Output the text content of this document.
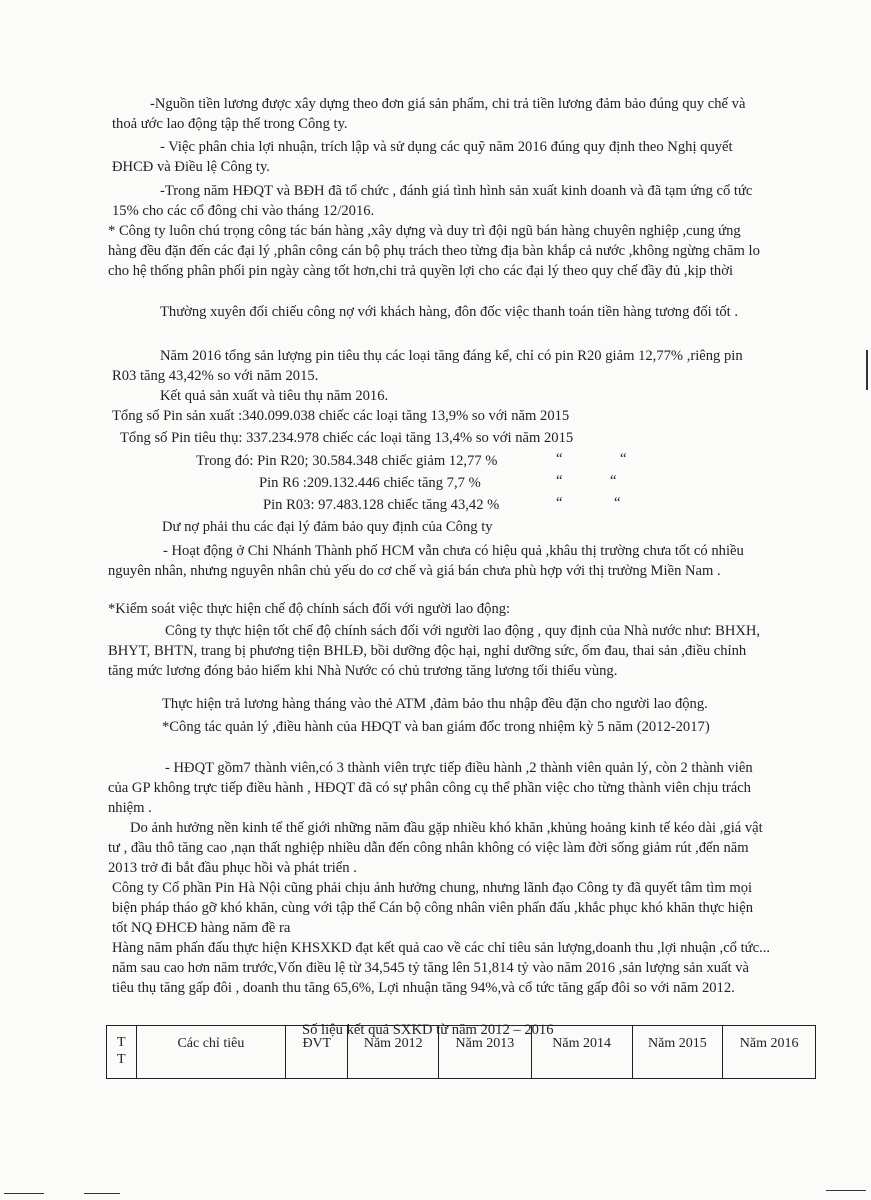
-Nguồn tiền lương được xây dựng theo đơn giá sản phẩm, chi trả tiền lương đảm bảo đúng quy chế và thoả ước lao động tập thể trong Công ty.

- Việc phân chia lợi nhuận, trích lập và sử dụng các quỹ năm 2016 đúng quy định theo Nghị quyết ĐHCĐ và Điều lệ Công ty.

-Trong năm HĐQT và BĐH đã tổ chức , đánh giá tình hình sản xuất kinh doanh và đã tạm ứng cổ tức 15% cho các cổ đông chi vào tháng 12/2016.

* Công ty luôn chú trọng công tác bán hàng ,xây dựng và duy trì đội ngũ bán hàng chuyên nghiệp ,cung ứng hàng đều đặn đến các đại lý ,phân công cán bộ phụ trách theo từng địa bàn khắp cả nước ,không ngừng chăm lo cho hệ thống phân phối pin ngày càng tốt hơn,chi trả quyền lợi cho các đại lý theo quy chế đầy đủ ,kịp thời

Thường xuyên đối chiếu công nợ với khách hàng, đôn đốc việc thanh toán tiền hàng tương đối tốt .

Năm 2016 tổng sản lượng pin tiêu thụ các loại tăng đáng kể, chỉ có pin R20 giảm 12,77% ,riêng pin R03 tăng 43,42% so với năm 2015.

Kết quả sản xuất và tiêu thụ năm 2016.

Tổng số Pin sản xuất :340.099.038 chiếc các loại tăng 13,9% so với năm 2015

Tổng số Pin tiêu thụ: 337.234.978 chiếc các loại tăng 13,4% so với năm 2015

Trong đó: Pin R20; 30.584.348 chiếc giảm 12,77 %	“	“

Pin R6 :209.132.446 chiếc tăng 7,7 %	“	“

Pin R03: 97.483.128 chiếc tăng 43,42 %	“	“

Dư nợ phải thu các đại lý đảm bảo quy định của Công ty

- Hoạt động ở Chi Nhánh Thành phố HCM vẫn chưa có hiệu quả ,khâu thị trường chưa tốt có nhiều nguyên nhân, nhưng nguyên nhân chủ yếu do cơ chế và giá bán chưa phù hợp với thị trường Miền Nam .

*Kiểm soát việc thực hiện chế độ chính sách đối với người lao động:

Công ty thực hiện tốt chế độ chính sách đối với người lao động , quy định của Nhà nước như: BHXH, BHYT, BHTN, trang bị phương tiện BHLĐ, bồi dưỡng độc hại, nghỉ dưỡng sức, ốm đau, thai sản ,điều chỉnh tăng mức lương đóng bảo hiểm khi Nhà Nước có chủ trương tăng lương tối thiểu vùng.

Thực hiện trả lương hàng tháng vào thẻ ATM ,đảm bảo thu nhập đều đặn cho người lao động.

*Công tác quản lý ,điều hành của HĐQT và ban giám đốc trong nhiệm kỳ 5 năm (2012-2017)

- HĐQT gồm7 thành viên,có 3 thành viên trực tiếp điều hành ,2 thành viên quản lý, còn 2 thành viên của GP không trực tiếp điều hành , HĐQT đã có sự phân công cụ thể phần việc cho từng thành viên chịu trách nhiệm .

Do ảnh hưởng nền kinh tế thế giới những năm đầu gặp nhiều khó khăn ,khủng hoảng kinh tế kéo dài ,giá vật tư , đầu thô tăng cao ,nạn thất nghiệp nhiều dẫn đến công nhân không có việc làm đời sống giảm rút ,đến năm 2013 trở đi bắt đầu phục hồi và phát triển .

Công ty Cổ phần Pin Hà Nội cũng phải chịu ảnh hưởng chung, nhưng lãnh đạo Công ty đã quyết tâm tìm mọi biện pháp tháo gỡ khó khăn, cùng với tập thể Cán bộ công nhân viên phấn đấu ,khắc phục khó khăn thực hiện tốt NQ ĐHCĐ hàng năm đề ra

Hàng năm phấn đấu thực hiện KHSXKD đạt kết quả cao về các chỉ tiêu sản lượng,doanh thu ,lợi nhuận ,cổ tức... năm sau cao hơn năm trước,Vốn điều lệ từ 34,545 tỷ tăng lên 51,814 tỷ vào năm 2016 ,sản lượng sản xuất và tiêu thụ tăng gấp đôi , doanh thu tăng 65,6%, Lợi nhuận tăng 94%,và cổ tức tăng gấp đôi so với năm 2012.

Số liệu kết quả SXKD từ năm 2012 – 2016

T
T
	Các chỉ tiêu	ĐVT	Năm 2012	Năm 2013	Năm 2014	Năm 2015	Năm 2016
